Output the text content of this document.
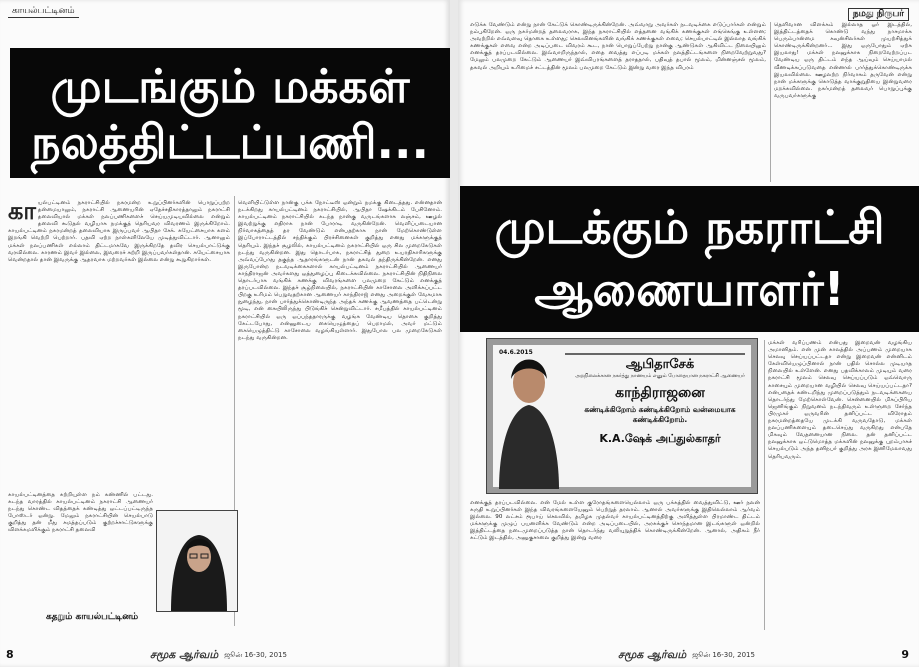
காயல்பட்டினம்
முடங்கும் மக்கள்
நலத்திட்டப்பணி...
கா யல்பட்டினம் நகராட்சியில் நகரமன்ற உறுப்பினர்களின் பொறுப்பற்ற தன்மையாலும், நகராட்சி ஆணையரின் ஏதேச்சதிகாரத்தாலும் நகராட்சி தலைவியால் மக்கள் நலப்பணிகளைச் செய்யமுடியவில்லை என்றும் தலைவி கூடுதல் வழியாக நமக்குத் தெரியவர விவரணம் இருக்கிறோம். காயல்பட்டினம் நகரமன்றத் தலைவியாக இருப்பவர் ஆபிதா சேக். சுயேட்சையாக களம் இறங்கி வெற்றி பெற்றார். பதவி ஏற்ற நாள்களிலேயே முடித்துவிட்டார். ஆனாலும் மக்கள் நலப்பணிகள் எல்லாம் திட்டமாகவே இருக்கிறதே தவிர செயல்பாட்டுக்கு வரவில்லை. காரணம் இவர் இல்லை, இவரைச் சுற்றி இருப்பவர்கள்தான். சுயேட்சையாக வென்றதால் தான் இவருக்கு ஆதரவாக மற்றவர்கள் இல்லை என்று கூறுகிறார்கள்.
காயல்பட்டினத்தை சுற்றியுள்ள நம் கண்ணில் பட்டது. கடந்த வாரத்தில் காயல்பட்டினம் நகராட்சி ஆணையர் நடந்து கொண்ட விதத்தைக் கண்டித்து ஒட்டப்பட்டிருந்த போஸ்டர் ஒன்று. மேலும் நகராட்சியின் செயல்பாடு குறித்து தன் மீது சுமத்தப்படும் குற்றச்சாட்டுகளுக்கு விளக்கமளிக்கும் நகராட்சி தலைவி
வெளியிட்டுள்ள நான்கு பக்க நோட்டீஸ் ஒன்றும் நமக்கு கிடைத்தது. என்னதான் நடக்கிறது காயல்பட்டினம் நகராட்சியில், ஆபிதா ஷேக்கிடம் பேசினோம். காயல்பட்டினம் நகராட்சியில் கடந்த நான்கு வருடங்களாக லஞ்சம், ஊழல் இவற்றுக்கு எதிராக நான் போராடி வருகின்றேன். வெளிப்படையான நிர்வாகத்தைத் தர வேண்டும் என்பதற்காக நான் மேற்கொண்டுள்ள இப்போராட்டத்தில் சந்திக்கும் பிரச்சினைகள் குறித்து எனது மக்களுக்குத் தெரியும். இந்தச் சூழலில், காயல்பட்டினம் நகராட்சியில் ஒரு சில முறைகேடுகள் நடந்து வருகின்றன. இது தொடர்பாக, நகராட்சித் துறை உயரதிகாரிகளுக்கு அவ்வப்போது தகுந்த ஆதாரங்களுடன் நான் தகவல் தந்திருக்கின்றேன். எனது இருபோன்ற நடவடிக்கைகளால் காயல்பட்டினம் நகராட்சியில் ஆணையர் காந்திராஜன் அவர்களது ஒத்துழைப்பு கிடைக்கவில்லை. நகராட்சியின் நிதிநிலை தொடர்பாக வங்கிக் கணக்கு விவரங்களை பலமுறை கேட்டும் எனக்குத் தரப்படவில்லை. இந்தச் சூழ்நிலையில், நகராட்சியின் காசோலை அளிக்கப்பட்ட பிறகு உரிமம் பெறுவதற்கான ஆணையர் காந்திராஜ் எனது அறைக்குள் வேகமாக நுழைந்து, நான் பார்த்துக்கொண்டிருந்த அந்தக் கணக்கு ஆவணத்தை பட்டென்று மூடி, என் கையிலிருந்து பிடுங்கிச் சென்றுவிட்டார். சமீபத்தில் காயல்பட்டினம் நகராட்சியில் ஒரு ஒப்பந்ததாரருக்கு வழங்க வேண்டிய தொகை குறித்து கேட்டபோது, என்னுடைய கையெழுத்தைப் பெறாமல், அவர் மட்டும் கையெழுத்திட்டு காசோலை வழங்கியுள்ளார். இதுபோல பல முறைகேடுகள் நடந்து வருகின்றன.
கதறும் காயல்பட்டினம்
8	சமூக ஆர்வம் ஜூன் 16-30, 2015
நமது நிருபர்
எடுக்க வேண்டும் என்று நான் கேட்டுக் கொண்டிருக்கின்றேன். அவ்வாறு அவர்கள் நடவடிக்கை எடுப்பார்கள் என்றும் நம்புகிறேன். ஒரு நகர்மன்றத் தலைவராக, இந்த நகராட்சியில் எத்தனை வங்கிக் கணக்குகள் எங்கெங்கு உள்ளன; அவற்றில் எவ்வளவு தொகை உள்ளது; செலவினங்களின் வங்கிக் கணக்குகள் எவை; செயல்பாட்டில் இல்லாத வங்கிக் கணக்குகள் எவை என்ற அடிப்படை விவரம் கூட, நான் பொறுப்பேற்று நான்கு ஆண்டுகள் ஆகிவிட்ட நிலையிலும் எனக்குத் தரப்படவில்லை. இவ்வாறிருந்தால், எதை வைத்து எப்படி மக்கள் நலத்திட்டங்களை நிறைவேற்றுவது? மேலும் பலமுறை கேட்டும் ஆணையர் இவ்விபரங்களைத் தராததால், பதிவுத் தபால் மூலம், மின்னஞ்சல் மூலம், தகவல் அறியும் உரிமைச் சட்டத்தின் மூலம் பலமுறை கேட்டும் இன்று வரை இந்த விபரம்
தெளிவான விளக்கம் இல்லாத ஓர் இடத்தில், இத்திட்டத்தைக் கொண்டு வந்து நாசமாக்க பெரும்பான்மை கவுன்சிலர்கள் முயற்சித்துக் கொண்டிருக்கின்றனர்... இது ஒருபோதும் ஏற்க இயலாது! மக்கள் நலனுக்காக நிறைவேற்றப்பட வேண்டிய ஒரு திட்டம் எந்த ஆய்வும் செய்யாமல் வீணடிக்கப்படுவதை என்னால் பார்த்துக்கொண்டிருக்க இயலவில்லை. ஊழலற்ற நிர்வாகம் தருவேன் என்று நான் மக்களுக்கு கொடுத்த வாக்குறுதியை இன்றுவரை மறக்கவில்லை. நகர்மன்றத் தலைவர் பொறுப்புக்கு வருபவர்களுக்கு
முடக்கும் நகராட்சி
ஆணையாளர்!
ஆபிதாசேக்
அறநிலைக்கான நகர்த்து நாணயம் எனும் போதையான நகராட்சி ஆணையர்
காந்திராஜனை
கண்டிக்கிறோம் கண்டிக்கிறோம் வன்மையாக கண்டிக்கிறோம்.
K.A.ஷேக் அப்துல்காதர்
04.6.2015
எனக்குத் தரப்படவில்லை. என் மேல் உள்ள குரோதங்களையெல்லாம் ஒரு பக்கத்தில் வைத்துவிட்டு, ஊர் நலன் கருதி உறுப்பினர்கள் இந்த விவரங்களையேனும் பெற்றுத் தரலாம். ஆனால் அவர்களுக்கு இதிலெல்லாம் ஆர்வம் இல்லை. 90 லட்சம் ரூபாய் செலவில், தமிழக முதல்வர் காயல்பட்டினத்திற்கு அளித்துள்ள பிரமாண்ட திட்டம் மக்களுக்கு முழுப் பயனளிக்க வேண்டும் என்ற அடிப்படையில், அரசுக்குச் சொந்தமான இடங்களுள் ஒன்றில் இத்திட்டத்தை நடைமுறைப்படுத்த நான் தொடர்ந்து வலியுறுத்திக் கொண்டிருக்கின்றேன். ஆனால், அதிகம் நீர் கட்டும் இடத்தில், அனுகுசாலை குறித்து இன்று வரை
மக்கள் வரிப்பணம் என்பது இறைவன் வழங்கிய அமானிதம். என் முன் காலத்தில் அப்பணம் முறையாக செலவு செய்யப்பட்டதா என்று இறைவன் என்னிடம் கேள்வியெழுப்பினால் நான் பதில் சொல்ல முடியாத நிலையில் உள்ளேன். எனது பதவிக்காலம் முடியும் வரை நகராட்சி மூலம் செலவு செய்யப்படும் ஒவ்வொரு காசையும் முறையான வழியில் செலவு செய்யப்பட்டதா? என்பதைக் கண்டறிந்து முறைப்படுத்தும் நடவடிக்கையை தொடர்ந்து மேற்கொள்வேன். சென்னையில் மிகப்பிரிய ஜெனிங்கும் நிறுவனம் நடந்திவரும் உள்ளுறை சேர்ந்த பிரமுகர் ஒருவரின் தனிப்பட்ட விரோதம் நகரமன்றத்தையே முடக்கி வருவதோடு, மக்கள் நலப்பணிகளையும் தடைசெய்து வருகிறது என்பதே மிகவும் வேதனையான நிலை. தன் தனிப்பட்ட நலனுக்காக ஒட்டுமொத்த மக்களின் நலனுக்கு புறம்பாகச் செயல்படும் அந்த தனிநபர் குறித்து அரசு இனிமேலாவது தெரியவரும்.
9
சமூக ஆர்வம் ஜூன் 16-30, 2015
